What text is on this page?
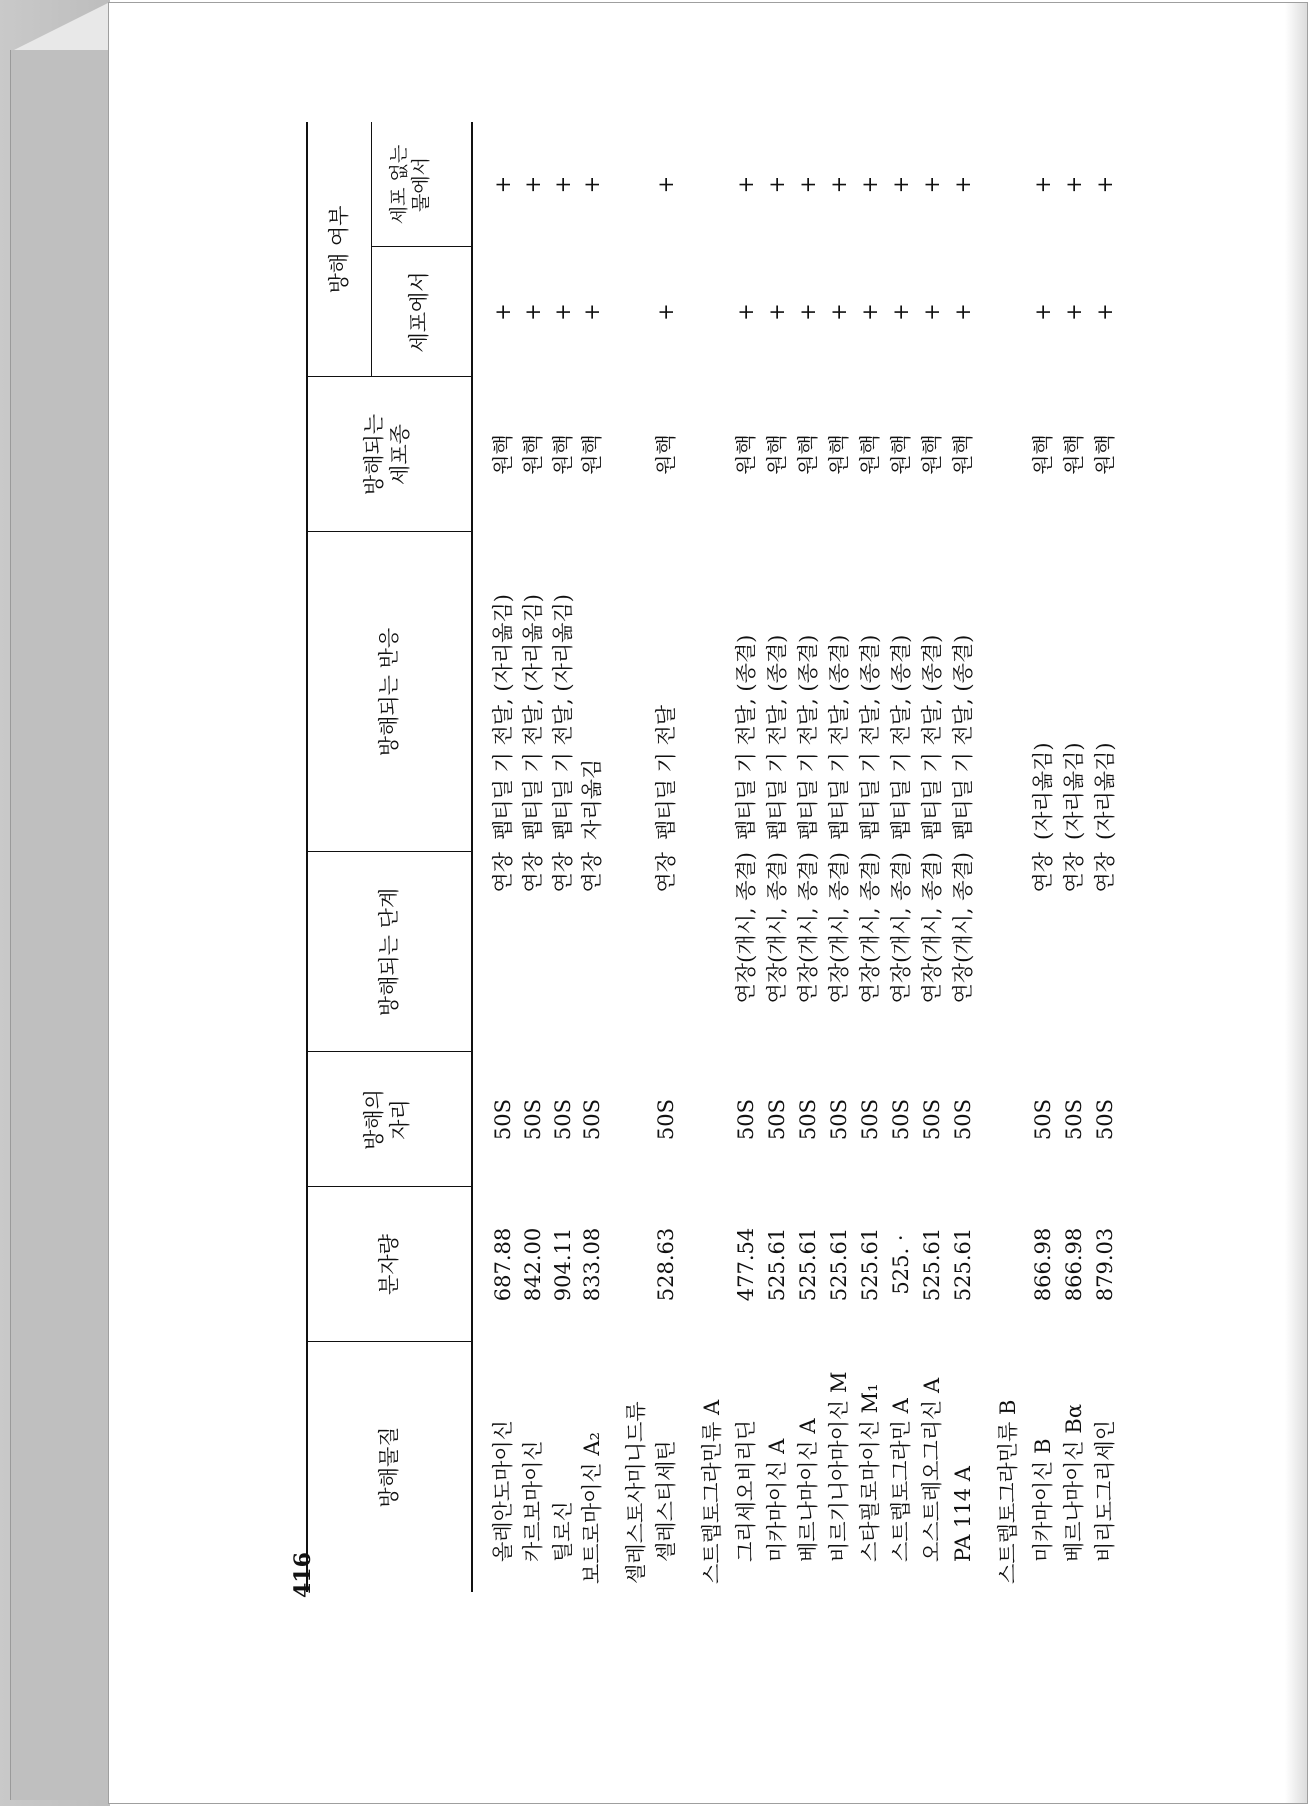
방해물질
분자량
방해의 자리
방해되는 단계
방해되는 반응
방해되는 세포종
방해 여부
세포에서
세포 없는 물에서
올레안도마이신
687.88
50S
연장
펩티딜 기 전달, (자리옮김)
원핵
+
+
카르보마이신
842.00
50S
연장
펩티딜 기 전달, (자리옮김)
원핵
+
+
틸로신
904.11
50S
연장
펩티딜 기 전달, (자리옮김)
원핵
+
+
보트로마이신 A₂
833.08
50S
연장
자리옮김
원핵
+
+
셀레스토사미니드류 셀레스티세틴
528.63
50S
연장
펩티딜 기 전달
원핵
+
+
스트렙토그라민류 A 그리세오비리딘
477.54
50S
연장(개시, 종결)
펩티딜 기 전달, (종결)
원핵
+
+
미카마이신 A
525.61
50S
연장(개시, 종결)
펩티딜 기 전달, (종결)
원핵
+
+
베르나마이신 A
525.61
50S
연장(개시, 종결)
펩티딜 기 전달, (종결)
원핵
+
+
비르기니아마이신 M
525.61
50S
연장(개시, 종결)
펩티딜 기 전달, (종결)
원핵
+
+
스타필로마이신 M₁
525.61
50S
연장(개시, 종결)
펩티딜 기 전달, (종결)
원핵
+
+
스트렙토그라민 A
525. ·
50S
연장(개시, 종결)
펩티딜 기 전달, (종결)
원핵
+
+
오스트레오그리신 A
525.61
50S
연장(개시, 종결)
펩티딜 기 전달, (종결)
원핵
+
+
PA 114 A
525.61
50S
연장(개시, 종결)
펩티딜 기 전달, (종결)
원핵
+
+
스트렙토그라민류 B 미카마이신 B
866.98
50S
연장
(자리옮김)
원핵
+
+
베르나마이신 Bα
866.98
50S
연장
(자리옮김)
원핵
+
+
비리도그리세인
879.03
50S
연장
(자리옮김)
원핵
+
+
416
